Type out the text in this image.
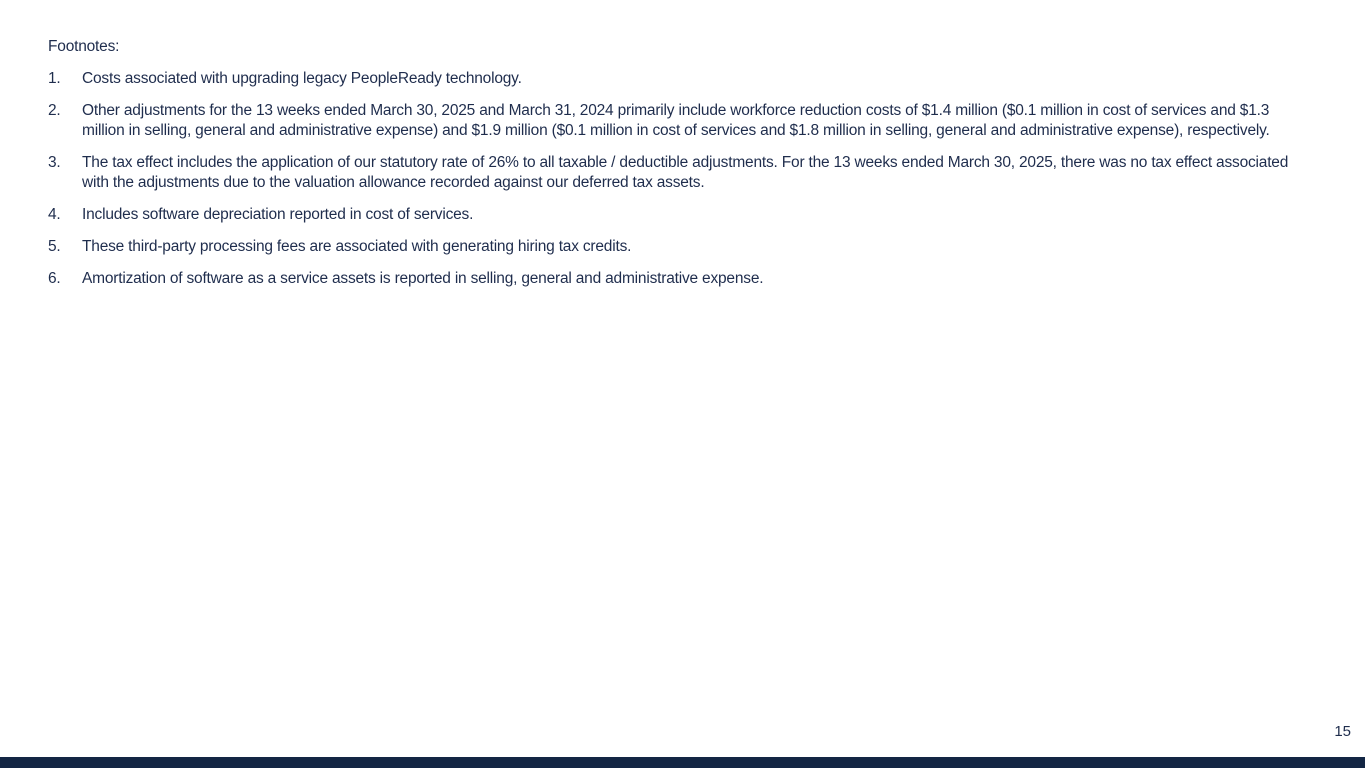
Footnotes:
1.	Costs associated with upgrading legacy PeopleReady technology.
2.	Other adjustments for the 13 weeks ended March 30, 2025 and March 31, 2024 primarily include workforce reduction costs of $1.4 million ($0.1 million in cost of services and $1.3 million in selling, general and administrative expense) and $1.9 million ($0.1 million in cost of services and $1.8 million in selling, general and administrative expense), respectively.
3.	The tax effect includes the application of our statutory rate of 26% to all taxable / deductible adjustments. For the 13 weeks ended March 30, 2025, there was no tax effect associated with the adjustments due to the valuation allowance recorded against our deferred tax assets.
4.	Includes software depreciation reported in cost of services.
5.	These third-party processing fees are associated with generating hiring tax credits.
6.	Amortization of software as a service assets is reported in selling, general and administrative expense.
15
